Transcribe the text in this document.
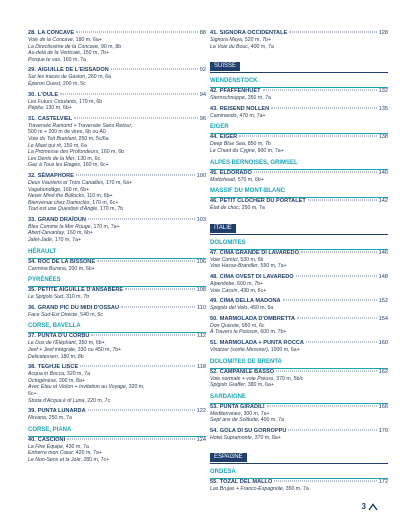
28. LA CONCAVE	88
Voie de la Concave, 180 m, 6a+
La Directissime de la Concave, 90 m, 8b
Au-delà de la Verticale, 150 m, 7b+
Porque te vas, 160 m, 7a
29. AIGUILLE DE L'EISSADON	92
Sur les traces de Gaston, 260 m, 6a
Éperon Ouest, 200 m, 5c
30. L'OULE	94
Les Futurs Croulants, 170 m, 6b
Pépita, 130 m, 6b+
31. CASTELVIEL	96
Traversée Ramond + Traversée Sans Retour,
500 m + 200 m de vires, 6b ou A0
Voie du Toit Branlant, 250 m, 5c/6a
Le Muet qui rit, 150 m, 6a
La Promesse des Profondeurs, 160 m, 6b
Les Dents de la Mer, 130 m, 6c
Gaz à Tous les Étages, 160 m, 6c+
32. SÉMAPHORE	100
Deux Vauriens et Trois Canailles, 170 m, 6a+
Vagabondâge, 160 m, 6b+
Never Mind the Bollocks, 110 m, 6b+
Bienvenue chez Damoclès, 170 m, 6c+
Tout est une Question d'Angle, 170 m, 7b
33. GRAND DRAÏOUN	103
Bleu Comme la Mer Rouge, 170 m, 7a+
Abert-Devantay, 160 m, 6b+
Jalet-Jade, 170 m, 7a+
HÉRAULT
34. ROC DE LA BISSONE	106
Carmina Burana, 200 m, 6b+
PYRÉNÉES
35. PETITE AIGUILLE D'ANSABÈRE	108
Le Spigolo Sud, 310 m, 7b
36. GRAND PIC DU MIDI D'OSSAU	110
Face Sud-Est Directe, 540 m, 6c
CORSE, BAVELLA
37. PUNTA D'U CORBU	112
Le Dos de l'Éléphant, 350 m, 6b+
Jeef + Jeef intégrale, 330 ou 450 m, 7b+
Delicatessen, 180 m, 8b
38. TEGHJE LISCE	118
Acqua in Bocca, 320 m, 7a
Octogénèse, 300 m, 8a+
Avec Étau et Violon + Invitation au Voyage, 320 m,
6c+
Storia d'Acqua è di Luna, 220 m, 7c
39. PUNTA LUNARDA	122
Nirvana, 250 m, 7a
CORSE, PIANA
40. CASCIONI	124
La Fine Équipe, 430 m, 7a
Entrerre mon Cœur, 420 m, 7a+
Le Non-Sens et la Joie, 280 m, 7c+
41. SIGNORA OCCIDENTALE	128
Signora Maya, 520 m, 7b+
La Voie du Bouc, 400 m, 7a
SUISSE
WENDENSTOCK
42. PFAFFENHUET	132
Sternschnuppe, 350 m, 7a
43. REISEND NOLLEN	135
Caminando, 470 m, 7a+
EIGER
44. EIGER	138
Deep Blue Sea, 850 m, 7b
Le Chant du Cygne, 900 m, 7a+
ALPES BERNOISES, GRIMSEL
45. ELDORADO	140
Motörhead, 570 m, 6b+
MASSIF DU MONT-BLANC
46. PETIT CLOCHER DU PORTALET	142
État de choc, 250 m, 7a
ITALIE
DOLOMITES
47. CIMA GRANDE DI LAVAREDO	146
Voie Comici, 530 m, 6b
Voie Hasse-Brandler, 550 m, 7a+
48. CIMA OVEST DI LAVAREDO	148
Alpenliebe, 600 m, 7b+
Voie Cassin, 430 m, 6c+
49. CIMA DELLA MADONA	152
Spigolo del Velo, 450 m, 6a
50. MARMOLADA D'OMBRETTA	154
Don Quixote, 950 m, 6c
À Travers le Poisson, 600 m, 7b+
51. MARMOLADA + PUNTA ROCCA	160
Vinatzer (sortie Messner), 1000 m, 6a+
DOLOMITES DE BRENTA
52. CAMPANILE BASSO	162
Voie normale + voie Preuss, 370 m, 5b/c
Spigolo Graffer, 380 m, 6a+
SARDAIGNE
53. PUNTA GIRADILI	166
Mediterraneo, 300 m, 7a+
Sept ans de Solitude, 400 m, 7a
54. GOLA DI SU GORROPPU	170
Hotel Supramonte, 370 m, 8a+
ESPAGNE
ORDESA
55. TOZAL DEL MALLO	172
Las Brujas + Franco-Espagnole, 350 m, 7a
3
